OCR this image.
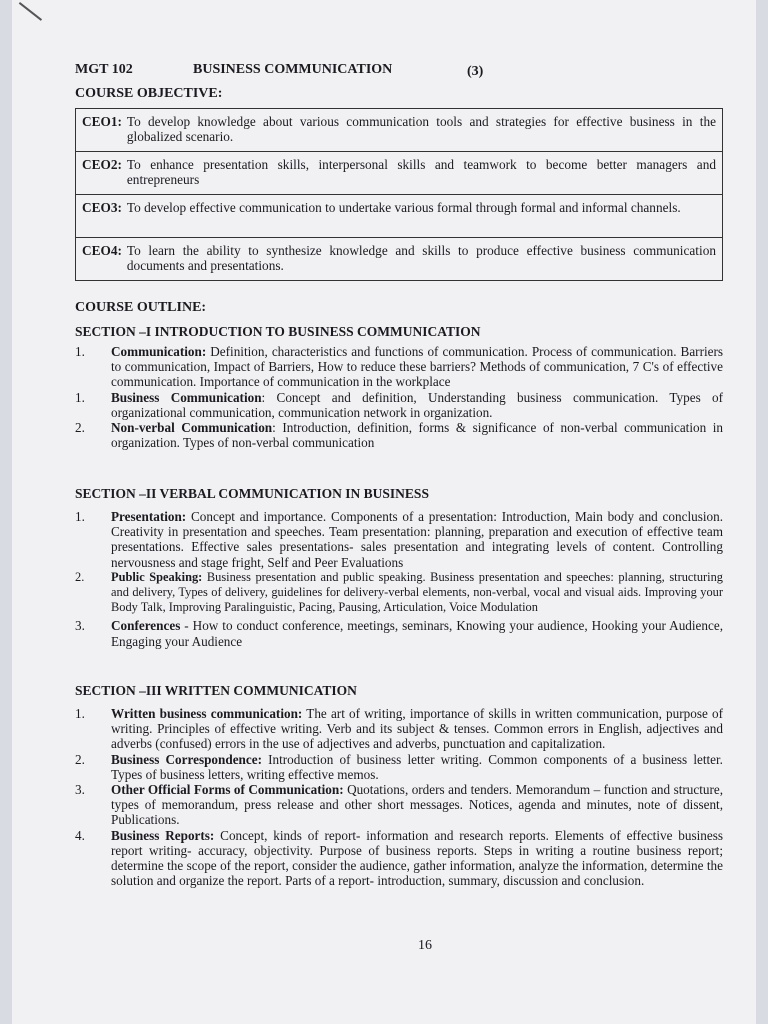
MGT 102	BUSINESS COMMUNICATION	(3)
COURSE OBJECTIVE:
CEO1: To develop knowledge about various communication tools and strategies for effective business in the globalized scenario.

CEO2: To enhance presentation skills, interpersonal skills and teamwork to become better managers and entrepreneurs

CEO3: To develop effective communication to undertake various formal through formal and informal channels.

CEO4: To learn the ability to synthesize knowledge and skills to produce effective business communication documents and presentations.
COURSE OUTLINE:
SECTION –I INTRODUCTION TO BUSINESS COMMUNICATION
1. Communication: Definition, characteristics and functions of communication. Process of communication. Barriers to communication, Impact of Barriers, How to reduce these barriers? Methods of communication, 7 C's of effective communication. Importance of communication in the workplace
1. Business Communication: Concept and definition, Understanding business communication. Types of organizational communication, communication network in organization.
2. Non-verbal Communication: Introduction, definition, forms & significance of non-verbal communication in organization. Types of non-verbal communication
SECTION –II VERBAL COMMUNICATION IN BUSINESS
1. Presentation: Concept and importance. Components of a presentation: Introduction, Main body and conclusion. Creativity in presentation and speeches. Team presentation: planning, preparation and execution of effective team presentations. Effective sales presentations- sales presentation and integrating levels of content. Controlling nervousness and stage fright, Self and Peer Evaluations
2. Public Speaking: Business presentation and public speaking. Business presentation and speeches: planning, structuring and delivery, Types of delivery, guidelines for delivery-verbal elements, non-verbal, vocal and visual aids. Improving your Body Talk, Improving Paralinguistic, Pacing, Pausing, Articulation, Voice Modulation
3. Conferences - How to conduct conference, meetings, seminars, Knowing your audience, Hooking your Audience, Engaging your Audience
SECTION –III WRITTEN COMMUNICATION
1. Written business communication: The art of writing, importance of skills in written communication, purpose of writing. Principles of effective writing. Verb and its subject & tenses. Common errors in English, adjectives and adverbs (confused) errors in the use of adjectives and adverbs, punctuation and capitalization.
2. Business Correspondence: Introduction of business letter writing. Common components of a business letter. Types of business letters, writing effective memos.
3. Other Official Forms of Communication: Quotations, orders and tenders. Memorandum – function and structure, types of memorandum, press release and other short messages. Notices, agenda and minutes, note of dissent, Publications.
4. Business Reports: Concept, kinds of report- information and research reports. Elements of effective business report writing- accuracy, objectivity. Purpose of business reports. Steps in writing a routine business report; determine the scope of the report, consider the audience, gather information, analyze the information, determine the solution and organize the report. Parts of a report- introduction, summary, discussion and conclusion.
16
